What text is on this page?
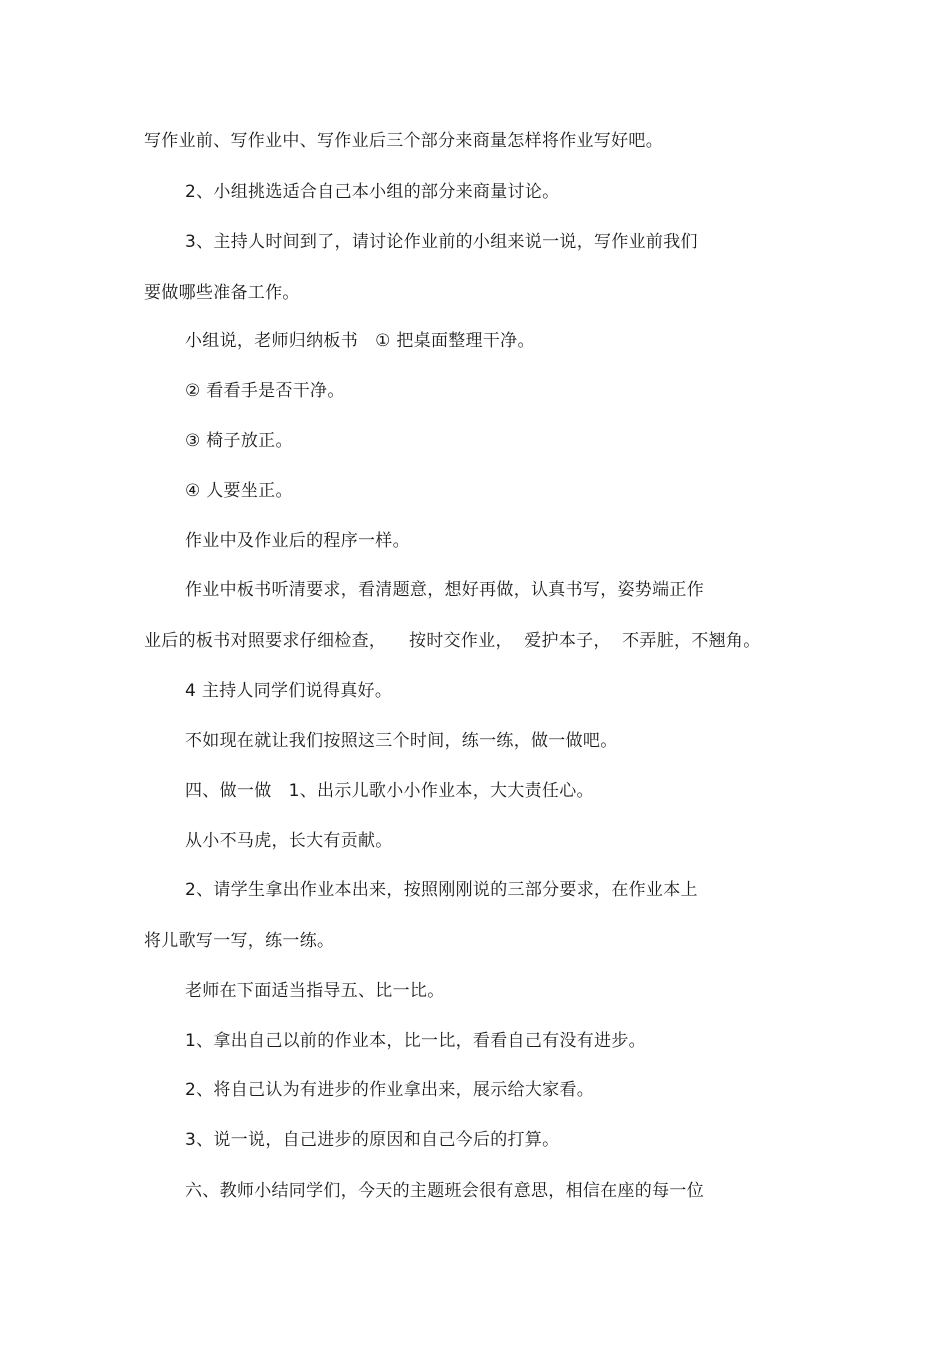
写作业前、写作业中、写作业后三个部分来商量怎样将作业写好吧。
2、小组挑选适合自己本小组的部分来商量讨论。
3、主持人时间到了，请讨论作业前的小组来说一说，写作业前我们
要做哪些准备工作。
小组说，老师归纳板书   ① 把桌面整理干净。
② 看看手是否干净。
③ 椅子放正。
④ 人要坐正。
作业中及作业后的程序一样。
作业中板书听清要求，看清题意，想好再做，认真书写，姿势端正作
业后的板书对照要求仔细检查，    按时交作业，  爱护本子，  不弄脏，不翘角。
4 主持人同学们说得真好。
不如现在就让我们按照这三个时间，练一练，做一做吧。
四、做一做   1、出示儿歌小小作业本，大大责任心。
从小不马虎，长大有贡献。
2、请学生拿出作业本出来，按照刚刚说的三部分要求，在作业本上
将儿歌写一写，练一练。
老师在下面适当指导五、比一比。
1、拿出自己以前的作业本，比一比，看看自己有没有进步。
2、将自己认为有进步的作业拿出来，展示给大家看。
3、说一说，自己进步的原因和自己今后的打算。
六、教师小结同学们，今天的主题班会很有意思，相信在座的每一位
